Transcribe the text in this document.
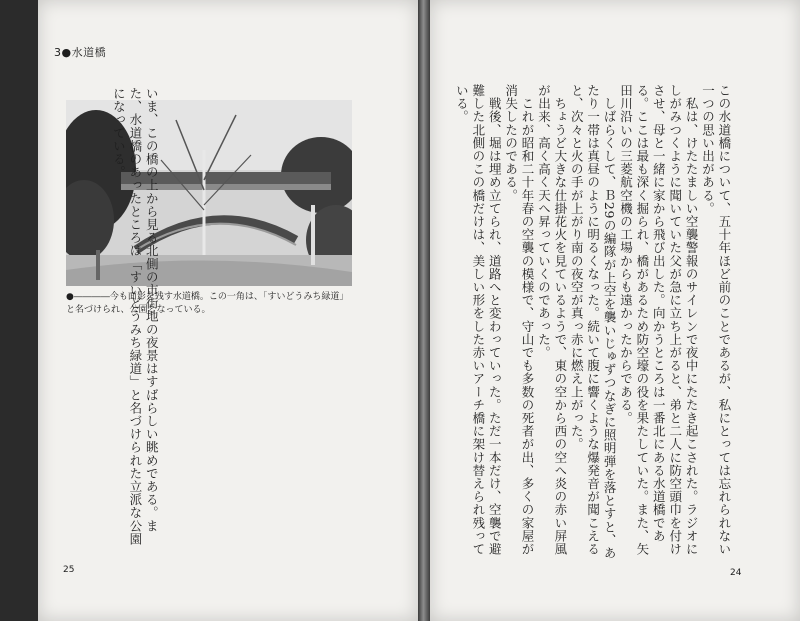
3●水道橋
●――――今も面影を残す水道橋。この一角は、「すいどうみち緑道」と名づけられ、公園となっている。
いま、この橋の上から見る北側の市街地の夜景はすばらしい眺めである。また、水道橋のあったところは「すいどうみち緑道」と名づけられた立派な公園になっている。
25
この水道橋について、五十年ほど前のことであるが、私にとっては忘れられない一つの思い出がある。
　私は、けたたましい空襲警報のサイレンで夜中にたたき起こされた。ラジオにしがみつくように聞いていた父が急に立ち上がると、弟と二人に防空頭巾を付けさせ、母と一緒に家から飛び出した。向かうところは一番北にある水道橋である。ここは最も深く掘られ、橋があるため防空壕の役を果たしていた。また、矢田川沿いの三菱航空機の工場からも遠かったからである。
　しばらくして、Ｂ29の編隊が上空を襲いじゅずつなぎに照明弾を落とすと、あたり一帯は真昼のように明るくなった。続いて腹に響くような爆発音が聞こえると、次々と火の手が上がり南の夜空が真っ赤に燃え上がった。
　ちょうど大きな仕掛花火を見ているようで、東の空から西の空へ炎の赤い屏風が出来、高く高く天へ昇っていくのであった。
　これが昭和二十年春の空襲の模様で、守山でも多数の死者が出、多くの家屋が消失したのである。
　戦後、堀は埋め立てられ、道路へと変わっていった。ただ一本だけ、空襲で避難した北側のこの橋だけは、美しい形をした赤いアーチ橋に架け替えられ残っている。
24
